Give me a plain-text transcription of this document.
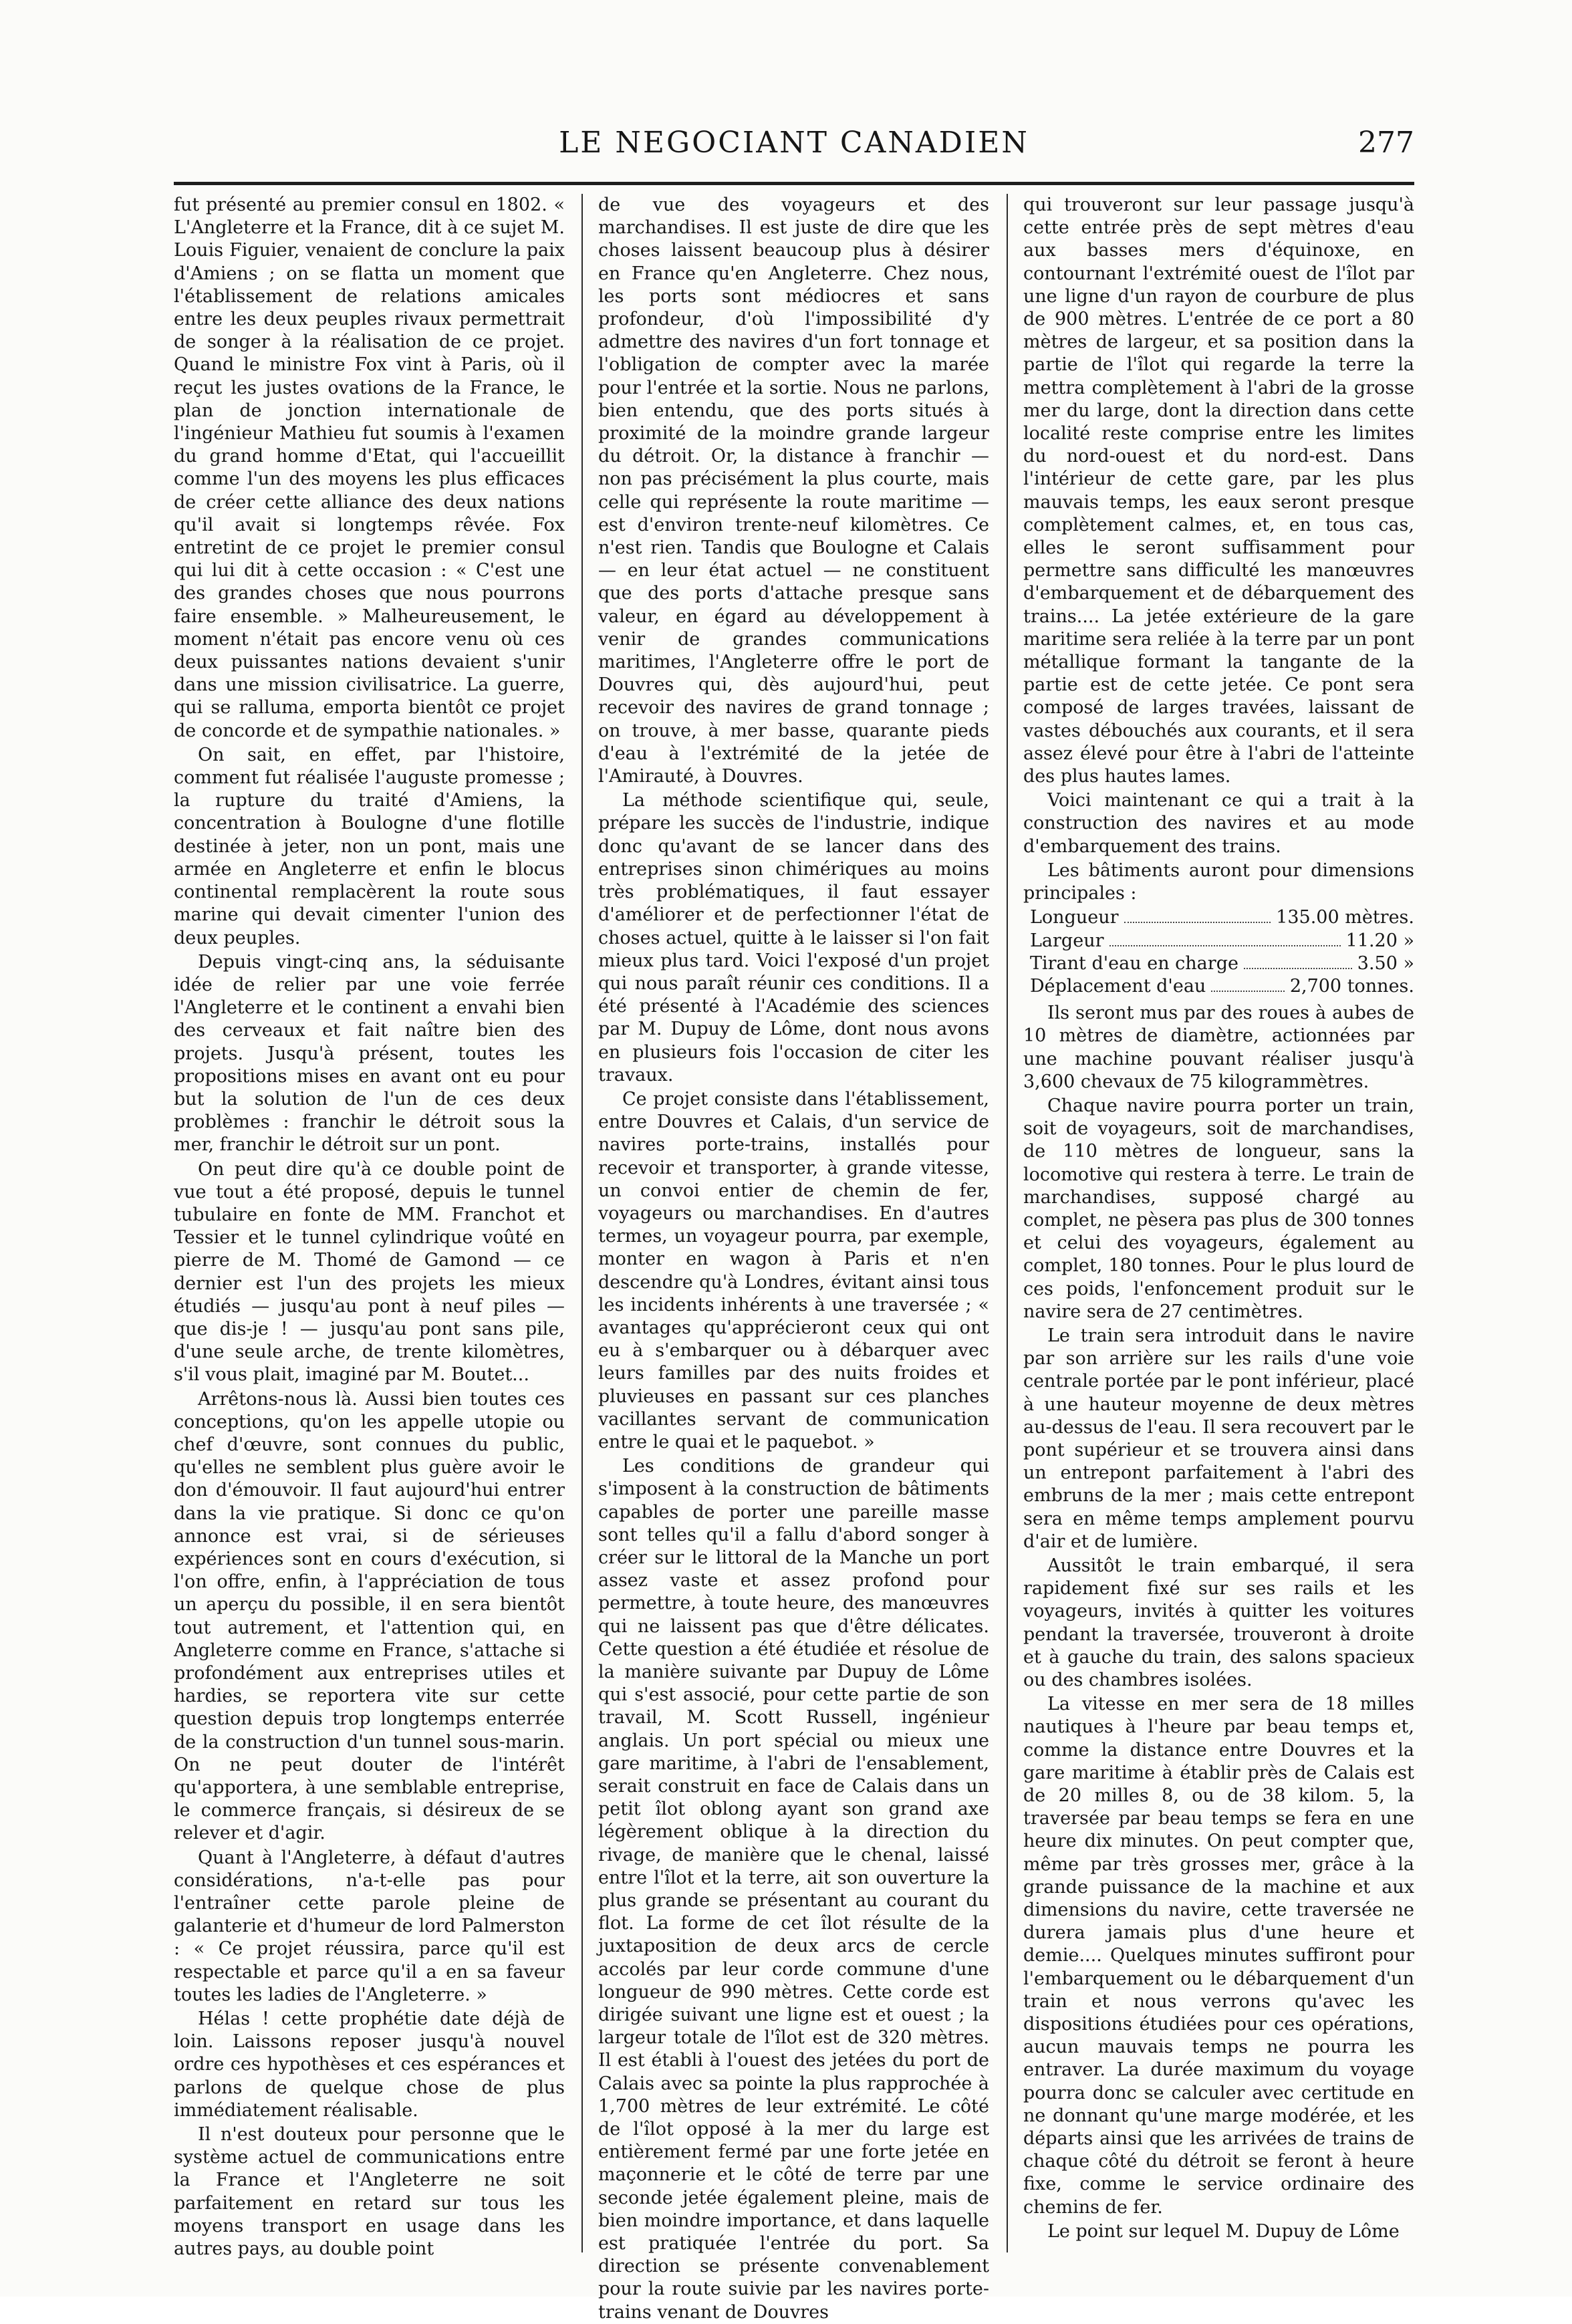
LE NEGOCIANT CANADIEN	277

fut présenté au premier consul en 1802. « L'Angleterre et la France, dit à ce sujet M. Louis Figuier, venaient de conclure la paix d'Amiens ; on se flatta un moment que l'établissement de relations amicales entre les deux peuples rivaux permettrait de songer à la réalisation de ce projet. Quand le ministre Fox vint à Paris, où il reçut les justes ovations de la France, le plan de jonction internationale de l'ingénieur Mathieu fut soumis à l'examen du grand homme d'Etat, qui l'accueillit comme l'un des moyens les plus efficaces de créer cette alliance des deux nations qu'il avait si longtemps rêvée. Fox entretint de ce projet le premier consul qui lui dit à cette occasion : « C'est une des grandes choses que nous pourrons faire ensemble. » Malheureusement, le moment n'était pas encore venu où ces deux puissantes nations devaient s'unir dans une mission civilisatrice. La guerre, qui se ralluma, emporta bientôt ce projet de concorde et de sympathie nationales. »

On sait, en effet, par l'histoire, comment fut réalisée l'auguste promesse ; la rupture du traité d'Amiens, la concentration à Boulogne d'une flotille destinée à jeter, non un pont, mais une armée en Angleterre et enfin le blocus continental remplacèrent la route sous marine qui devait cimenter l'union des deux peuples.

Depuis vingt-cinq ans, la séduisante idée de relier par une voie ferrée l'Angleterre et le continent a envahi bien des cerveaux et fait naître bien des projets. Jusqu'à présent, toutes les propositions mises en avant ont eu pour but la solution de l'un de ces deux problèmes : franchir le détroit sous la mer, franchir le détroit sur un pont.

On peut dire qu'à ce double point de vue tout a été proposé, depuis le tunnel tubulaire en fonte de MM. Franchot et Tessier et le tunnel cylindrique voûté en pierre de M. Thomé de Gamond — ce dernier est l'un des projets les mieux étudiés — jusqu'au pont à neuf piles — que dis-je ! — jusqu'au pont sans pile, d'une seule arche, de trente kilomètres, s'il vous plait, imaginé par M. Boutet...

Arrêtons-nous là. Aussi bien toutes ces conceptions, qu'on les appelle utopie ou chef d'œuvre, sont connues du public, qu'elles ne semblent plus guère avoir le don d'émouvoir. Il faut aujourd'hui entrer dans la vie pratique. Si donc ce qu'on annonce est vrai, si de sérieuses expériences sont en cours d'exécution, si l'on offre, enfin, à l'appréciation de tous un aperçu du possible, il en sera bientôt tout autrement, et l'attention qui, en Angleterre comme en France, s'attache si profondément aux entreprises utiles et hardies, se reportera vite sur cette question depuis trop longtemps enterrée de la construction d'un tunnel sous-marin. On ne peut douter de l'intérêt qu'apportera, à une semblable entreprise, le commerce français, si désireux de se relever et d'agir.

Quant à l'Angleterre, à défaut d'autres considérations, n'a-t-elle pas pour l'entraîner cette parole pleine de galanterie et d'humeur de lord Palmerston : « Ce projet réussira, parce qu'il est respectable et parce qu'il a en sa faveur toutes les ladies de l'Angleterre. »

Hélas ! cette prophétie date déjà de loin. Laissons reposer jusqu'à nouvel ordre ces hypothèses et ces espérances et parlons de quelque chose de plus immédiatement réalisable.

Il n'est douteux pour personne que le système actuel de communications entre la France et l'Angleterre ne soit parfaitement en retard sur tous les moyens transport en usage dans les autres pays, au double point

de vue des voyageurs et des marchandises. Il est juste de dire que les choses laissent beaucoup plus à désirer en France qu'en Angleterre. Chez nous, les ports sont médiocres et sans profondeur, d'où l'impossibilité d'y admettre des navires d'un fort tonnage et l'obligation de compter avec la marée pour l'entrée et la sortie. Nous ne parlons, bien entendu, que des ports situés à proximité de la moindre grande largeur du détroit. Or, la distance à franchir — non pas précisément la plus courte, mais celle qui représente la route maritime — est d'environ trente-neuf kilomètres. Ce n'est rien. Tandis que Boulogne et Calais — en leur état actuel — ne constituent que des ports d'attache presque sans valeur, en égard au développement à venir de grandes communications maritimes, l'Angleterre offre le port de Douvres qui, dès aujourd'hui, peut recevoir des navires de grand tonnage ; on trouve, à mer basse, quarante pieds d'eau à l'extrémité de la jetée de l'Amirauté, à Douvres.

La méthode scientifique qui, seule, prépare les succès de l'industrie, indique donc qu'avant de se lancer dans des entreprises sinon chimériques au moins très problématiques, il faut essayer d'améliorer et de perfectionner l'état de choses actuel, quitte à le laisser si l'on fait mieux plus tard. Voici l'exposé d'un projet qui nous paraît réunir ces conditions. Il a été présenté à l'Académie des sciences par M. Dupuy de Lôme, dont nous avons en plusieurs fois l'occasion de citer les travaux.

Ce projet consiste dans l'établissement, entre Douvres et Calais, d'un service de navires porte-trains, installés pour recevoir et transporter, à grande vitesse, un convoi entier de chemin de fer, voyageurs ou marchandises. En d'autres termes, un voyageur pourra, par exemple, monter en wagon à Paris et n'en descendre qu'à Londres, évitant ainsi tous les incidents inhérents à une traversée ; « avantages qu'apprécieront ceux qui ont eu à s'embarquer ou à débarquer avec leurs familles par des nuits froides et pluvieuses en passant sur ces planches vacillantes servant de communication entre le quai et le paquebot. »

Les conditions de grandeur qui s'imposent à la construction de bâtiments capables de porter une pareille masse sont telles qu'il a fallu d'abord songer à créer sur le littoral de la Manche un port assez vaste et assez profond pour permettre, à toute heure, des manœuvres qui ne laissent pas que d'être délicates. Cette question a été étudiée et résolue de la manière suivante par Dupuy de Lôme qui s'est associé, pour cette partie de son travail, M. Scott Russell, ingénieur anglais. Un port spécial ou mieux une gare maritime, à l'abri de l'ensablement, serait construit en face de Calais dans un petit îlot oblong ayant son grand axe légèrement oblique à la direction du rivage, de manière que le chenal, laissé entre l'îlot et la terre, ait son ouverture la plus grande se présentant au courant du flot. La forme de cet îlot résulte de la juxtaposition de deux arcs de cercle accolés par leur corde commune d'une longueur de 990 mètres. Cette corde est dirigée suivant une ligne est et ouest ; la largeur totale de l'îlot est de 320 mètres. Il est établi à l'ouest des jetées du port de Calais avec sa pointe la plus rapprochée à 1,700 mètres de leur extrémité. Le côté de l'îlot opposé à la mer du large est entièrement fermé par une forte jetée en maçonnerie et le côté de terre par une seconde jetée également pleine, mais de bien moindre importance, et dans laquelle est pratiquée l'entrée du port. Sa direction se présente convenablement pour la route suivie par les navires porte-trains venant de Douvres

qui trouveront sur leur passage jusqu'à cette entrée près de sept mètres d'eau aux basses mers d'équinoxe, en contournant l'extrémité ouest de l'îlot par une ligne d'un rayon de courbure de plus de 900 mètres. L'entrée de ce port a 80 mètres de largeur, et sa position dans la partie de l'îlot qui regarde la terre la mettra complètement à l'abri de la grosse mer du large, dont la direction dans cette localité reste comprise entre les limites du nord-ouest et du nord-est. Dans l'intérieur de cette gare, par les plus mauvais temps, les eaux seront presque complètement calmes, et, en tous cas, elles le seront suffisamment pour permettre sans difficulté les manœuvres d'embarquement et de débarquement des trains.... La jetée extérieure de la gare maritime sera reliée à la terre par un pont métallique formant la tangante de la partie est de cette jetée. Ce pont sera composé de larges travées, laissant de vastes débouchés aux courants, et il sera assez élevé pour être à l'abri de l'atteinte des plus hautes lames.

Voici maintenant ce qui a trait à la construction des navires et au mode d'embarquement des trains.

Les bâtiments auront pour dimensions principales :

Longueur	135.00 mètres.
Largeur	11.20 »
Tirant d'eau en charge	3.50 »
Déplacement d'eau	2,700 tonnes.

Ils seront mus par des roues à aubes de 10 mètres de diamètre, actionnées par une machine pouvant réaliser jusqu'à 3,600 chevaux de 75 kilogrammètres.

Chaque navire pourra porter un train, soit de voyageurs, soit de marchandises, de 110 mètres de longueur, sans la locomotive qui restera à terre. Le train de marchandises, supposé chargé au complet, ne pèsera pas plus de 300 tonnes et celui des voyageurs, également au complet, 180 tonnes. Pour le plus lourd de ces poids, l'enfoncement produit sur le navire sera de 27 centimètres.

Le train sera introduit dans le navire par son arrière sur les rails d'une voie centrale portée par le pont inférieur, placé à une hauteur moyenne de deux mètres au-dessus de l'eau. Il sera recouvert par le pont supérieur et se trouvera ainsi dans un entrepont parfaitement à l'abri des embruns de la mer ; mais cette entrepont sera en même temps amplement pourvu d'air et de lumière.

Aussitôt le train embarqué, il sera rapidement fixé sur ses rails et les voyageurs, invités à quitter les voitures pendant la traversée, trouveront à droite et à gauche du train, des salons spacieux ou des chambres isolées.

La vitesse en mer sera de 18 milles nautiques à l'heure par beau temps et, comme la distance entre Douvres et la gare maritime à établir près de Calais est de 20 milles 8, ou de 38 kilom. 5, la traversée par beau temps se fera en une heure dix minutes. On peut compter que, même par très grosses mer, grâce à la grande puissance de la machine et aux dimensions du navire, cette traversée ne durera jamais plus d'une heure et demie.... Quelques minutes suffiront pour l'embarquement ou le débarquement d'un train et nous verrons qu'avec les dispositions étudiées pour ces opérations, aucun mauvais temps ne pourra les entraver. La durée maximum du voyage pourra donc se calculer avec certitude en ne donnant qu'une marge modérée, et les départs ainsi que les arrivées de trains de chaque côté du détroit se feront à heure fixe, comme le service ordinaire des chemins de fer.

Le point sur lequel M. Dupuy de Lôme
